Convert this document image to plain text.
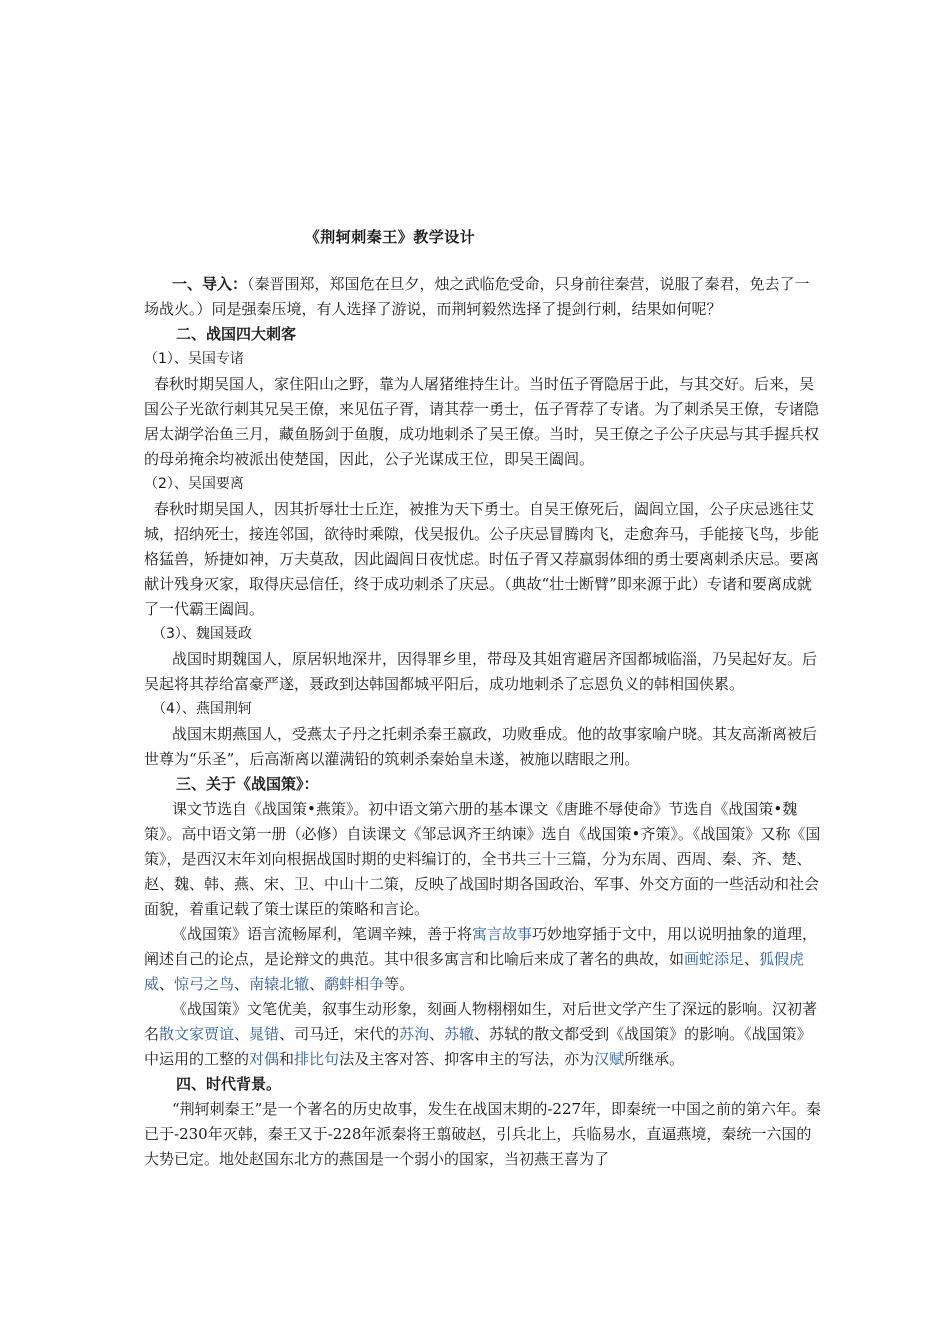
《荆轲刺秦王》教学设计

一、导入：（秦晋围郑，郑国危在旦夕，烛之武临危受命，只身前往秦营，说服了秦君，免去了一场战火。）同是强秦压境，有人选择了游说，而荆轲毅然选择了提剑行刺，结果如何呢？

二、战国四大刺客

（1）、吴国专诸

春秋时期吴国人，家住阳山之野，靠为人屠猪维持生计。当时伍子胥隐居于此，与其交好。后来，吴国公子光欲行刺其兄吴王僚，来见伍子胥，请其荐一勇士，伍子胥荐了专诸。为了刺杀吴王僚，专诸隐居太湖学治鱼三月，藏鱼肠剑于鱼腹，成功地刺杀了吴王僚。当时，吴王僚之子公子庆忌与其手握兵权的母弟掩余均被派出使楚国，因此，公子光谋成王位，即吴王阖闾。

（2）、吴国要离

春秋时期吴国人，因其折辱壮士丘迮，被推为天下勇士。自吴王僚死后，阖闾立国，公子庆忌逃往艾城，招纳死士，接连邻国，欲待时乘隙，伐吴报仇。公子庆忌冒腾肉飞，走愈奔马，手能接飞鸟，步能格猛兽，矫捷如神，万夫莫敌，因此阖闾日夜忧虑。时伍子胥又荐羸弱体细的勇士要离刺杀庆忌。要离献计残身灭家，取得庆忌信任，终于成功刺杀了庆忌。（典故“壮士断臂”即来源于此）专诸和要离成就了一代霸王阖闾。

（3）、魏国聂政

战国时期魏国人，原居轵地深井，因得罪乡里，带母及其姐宵避居齐国都城临淄，乃吴起好友。后吴起将其荐给富豪严遂，聂政到达韩国都城平阳后，成功地刺杀了忘恩负义的韩相国侠累。

（4）、燕国荆轲

战国末期燕国人，受燕太子丹之托刺杀秦王嬴政，功败垂成。他的故事家喻户晓。其友高渐离被后世尊为“乐圣”，后高渐离以灌满铅的筑刺杀秦始皇未遂，被施以瞎眼之刑。

三、关于《战国策》：

课文节选自《战国策•燕策》。初中语文第六册的基本课文《唐雎不辱使命》节选自《战国策•魏策》。高中语文第一册（必修）自读课文《邹忌讽齐王纳谏》选自《战国策•齐策》。《战国策》又称《国策》，是西汉末年刘向根据战国时期的史料编订的，全书共三十三篇，分为东周、西周、秦、齐、楚、赵、魏、韩、燕、宋、卫、中山十二策，反映了战国时期各国政治、军事、外交方面的一些活动和社会面貌，着重记载了策士谋臣的策略和言论。

《战国策》语言流畅犀利，笔调辛辣，善于将寓言故事巧妙地穿插于文中，用以说明抽象的道理，阐述自己的论点，是论辩文的典范。其中很多寓言和比喻后来成了著名的典故，如画蛇添足、狐假虎威、惊弓之鸟、南辕北辙、鹬蚌相争等。

《战国策》文笔优美，叙事生动形象，刻画人物栩栩如生，对后世文学产生了深远的影响。汉初著名散文家贾谊、晁错、司马迁，宋代的苏洵、苏辙、苏轼的散文都受到《战国策》的影响。《战国策》中运用的工整的对偶和排比句法及主客对答、抑客申主的写法，亦为汉赋所继承。

四、时代背景。

“荆轲刺秦王”是一个著名的历史故事，发生在战国末期的-227年，即秦统一中国之前的第六年。秦已于-230年灭韩，秦王又于-228年派秦将王翦破赵，引兵北上，兵临易水，直逼燕境，秦统一六国的大势已定。地处赵国东北方的燕国是一个弱小的国家，当初燕王喜为了
